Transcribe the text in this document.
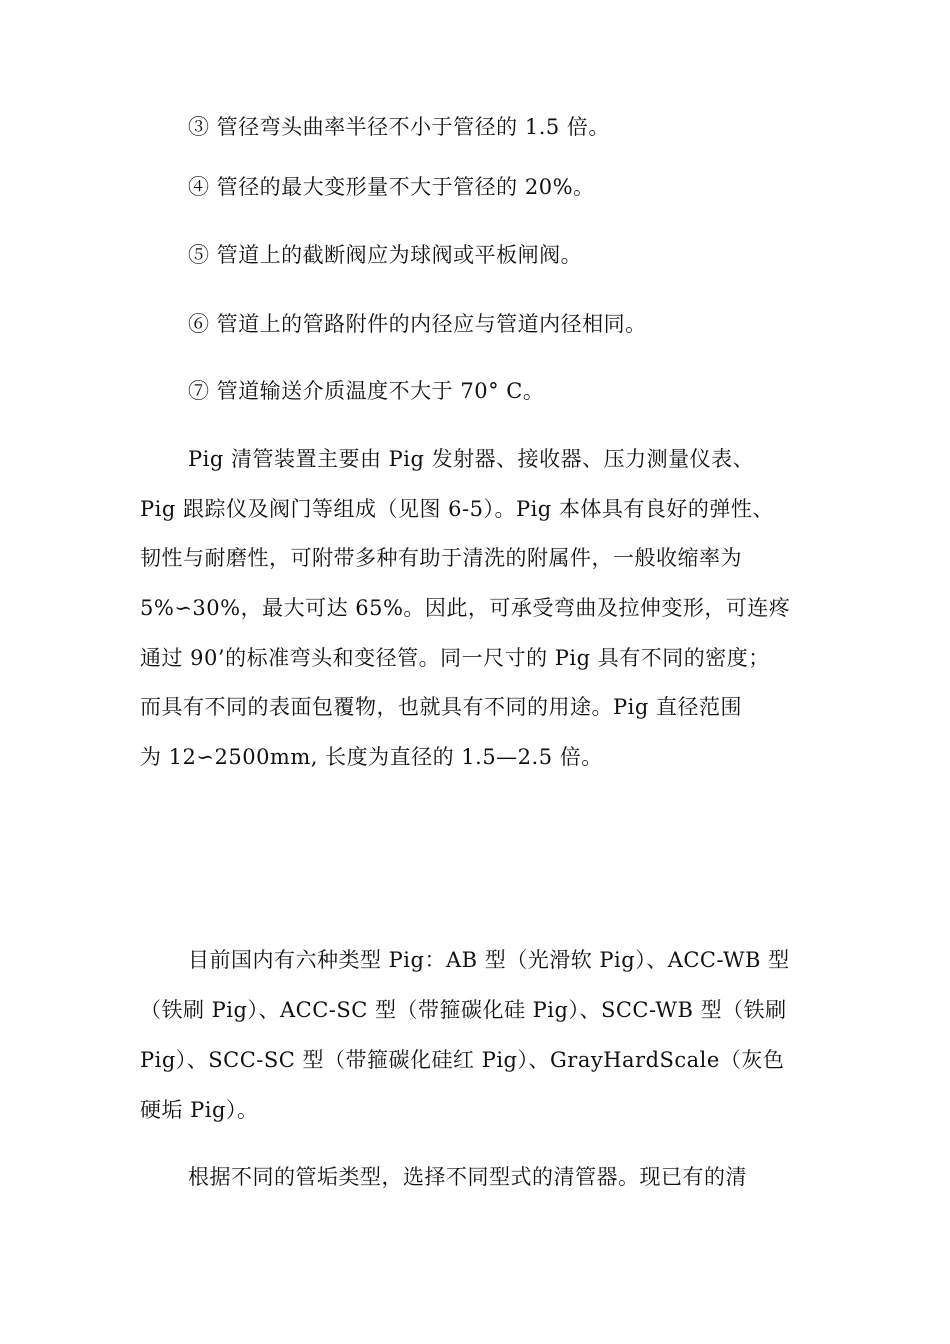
③ 管径弯头曲率半径不小于管径的 1.5 倍。
④ 管径的最大变形量不大于管径的 20%。
⑤ 管道上的截断阀应为球阀或平板闸阀。
⑥ 管道上的管路附件的内径应与管道内径相同。
⑦ 管道输送介质温度不大于 70° C。
Pig 清管装置主要由 Pig 发射器、接收器、压力测量仪表、
Pig 跟踪仪及阀门等组成（见图 6-5）。Pig 本体具有良好的弹性、
韧性与耐磨性，可附带多种有助于清洗的附属件，一般收缩率为
5%∽30%，最大可达 65%。因此，可承受弯曲及拉伸变形，可连疼
通过 90’的标准弯头和变径管。同一尺寸的 Pig 具有不同的密度；
而具有不同的表面包覆物，也就具有不同的用途。Pig 直径范围
为 12∽2500mm, 长度为直径的 1.5—2.5 倍。
目前国内有六种类型 Pig：AB 型（光滑软 Pig）、ACC-WB 型
（铁刷 Pig）、ACC-SC 型（带箍碳化硅 Pig）、SCC-WB 型（铁刷
Pig）、SCC-SC 型（带箍碳化硅红 Pig）、GrayHardScale（灰色
硬垢 Pig）。
根据不同的管垢类型，选择不同型式的清管器。现已有的清
